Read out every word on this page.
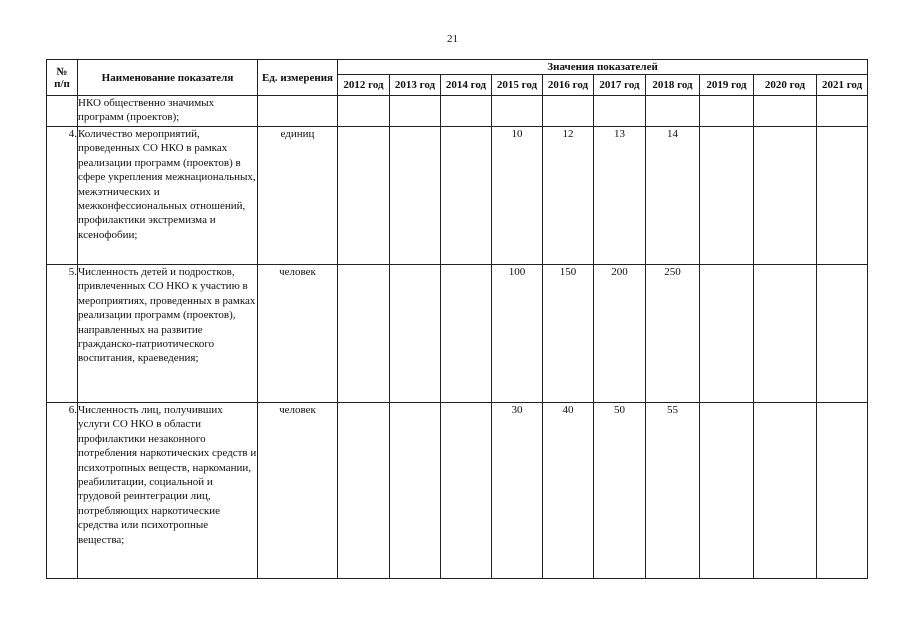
21
№
п/п	Наименование показателя	Ед. измерения	Значения показателей									
			2012 год	2013 год	2014 год	2015 год	2016 год	2017 год	2018 год	2019 год	2020 год	2021 год
	НКО общественно значимых программ (проектов);											
4.	Количество мероприятий, проведенных СО НКО в рамках реализации программ (проектов) в сфере укрепления межнациональных, межэтнических и межконфессиональных отношений, профилактики экстремизма и ксенофобии;	единиц				10	12	13	14			
5.	Численность детей и подростков, привлеченных СО НКО к участию в мероприятиях, проведенных в рамках реализации программ (проектов), направленных на развитие гражданско-патриотического воспитания, краеведения;	человек				100	150	200	250			
6.	Численность лиц, получивших услуги СО НКО в области профилактики незаконного потребления наркотических средств и психотропных веществ, наркомании, реабилитации, социальной и трудовой реинтеграции лиц, потребляющих наркотические средства или психотропные вещества;	человек				30	40	50	55			
